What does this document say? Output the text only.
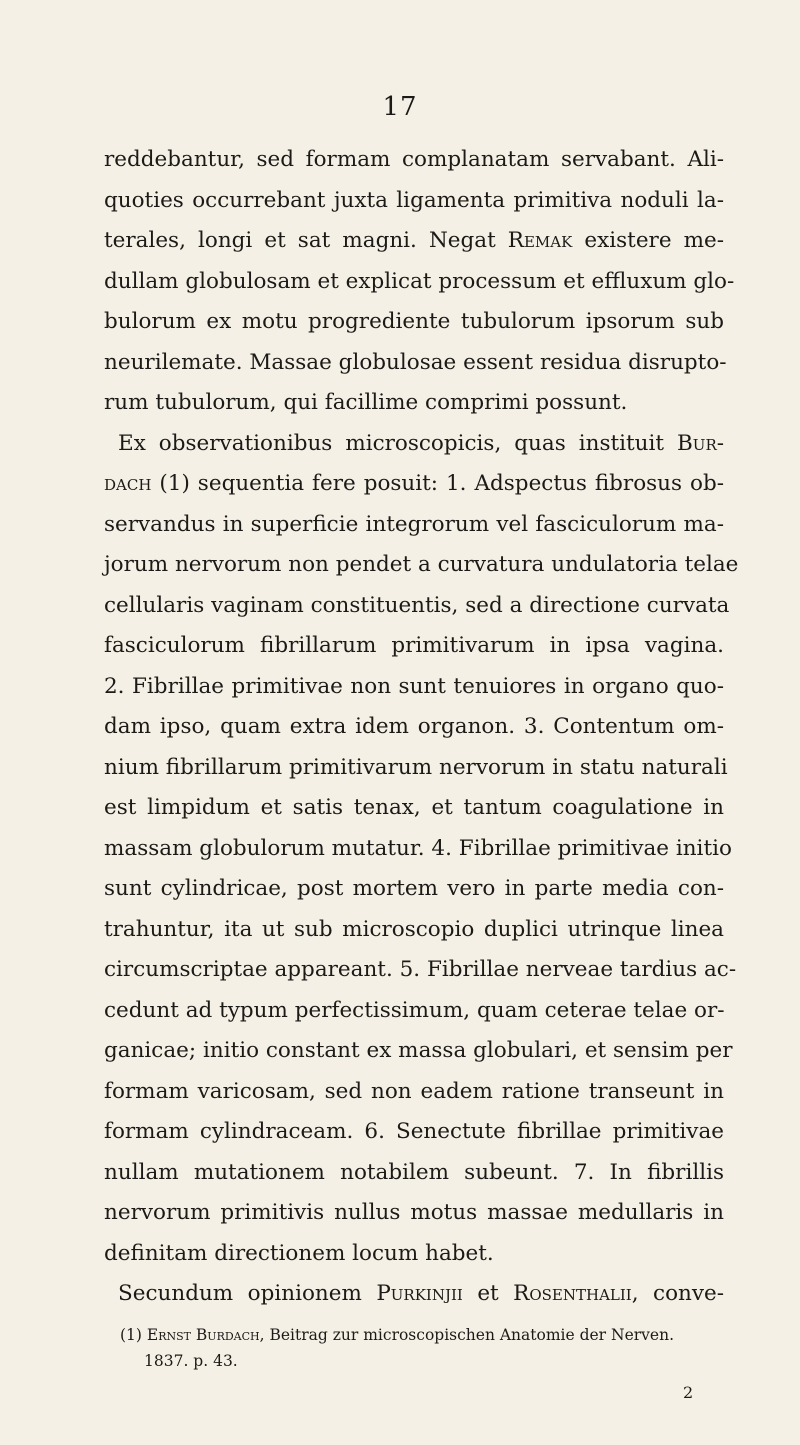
17
reddebantur, sed formam complanatam servabant. Ali-
quoties occurrebant juxta ligamenta primitiva noduli la-
terales, longi et sat magni. Negat Remak existere me-
dullam globulosam et explicat processum et effluxum glo-
bulorum ex motu progrediente tubulorum ipsorum sub
neurilemate. Massae globulosae essent residua disrupto-
rum tubulorum, qui facillime comprimi possunt.
Ex observationibus microscopicis, quas instituit Bur-
dach (1) sequentia fere posuit: 1. Adspectus fibrosus ob-
servandus in superficie integrorum vel fasciculorum ma-
jorum nervorum non pendet a curvatura undulatoria telae
cellularis vaginam constituentis, sed a directione curvata
fasciculorum fibrillarum primitivarum in ipsa vagina.
2. Fibrillae primitivae non sunt tenuiores in organo quo-
dam ipso, quam extra idem organon. 3. Contentum om-
nium fibrillarum primitivarum nervorum in statu naturali
est limpidum et satis tenax, et tantum coagulatione in
massam globulorum mutatur. 4. Fibrillae primitivae initio
sunt cylindricae, post mortem vero in parte media con-
trahuntur, ita ut sub microscopio duplici utrinque linea
circumscriptae appareant. 5. Fibrillae nerveae tardius ac-
cedunt ad typum perfectissimum, quam ceterae telae or-
ganicae; initio constant ex massa globulari, et sensim per
formam varicosam, sed non eadem ratione transeunt in
formam cylindraceam. 6. Senectute fibrillae primitivae
nullam mutationem notabilem subeunt. 7. In fibrillis
nervorum primitivis nullus motus massae medullaris in
definitam directionem locum habet.
Secundum opinionem Purkinjii et Rosenthalii, conve-
(1) Ernst Burdach, Beitrag zur microscopischen Anatomie der Nerven.
1837. p. 43.
2
